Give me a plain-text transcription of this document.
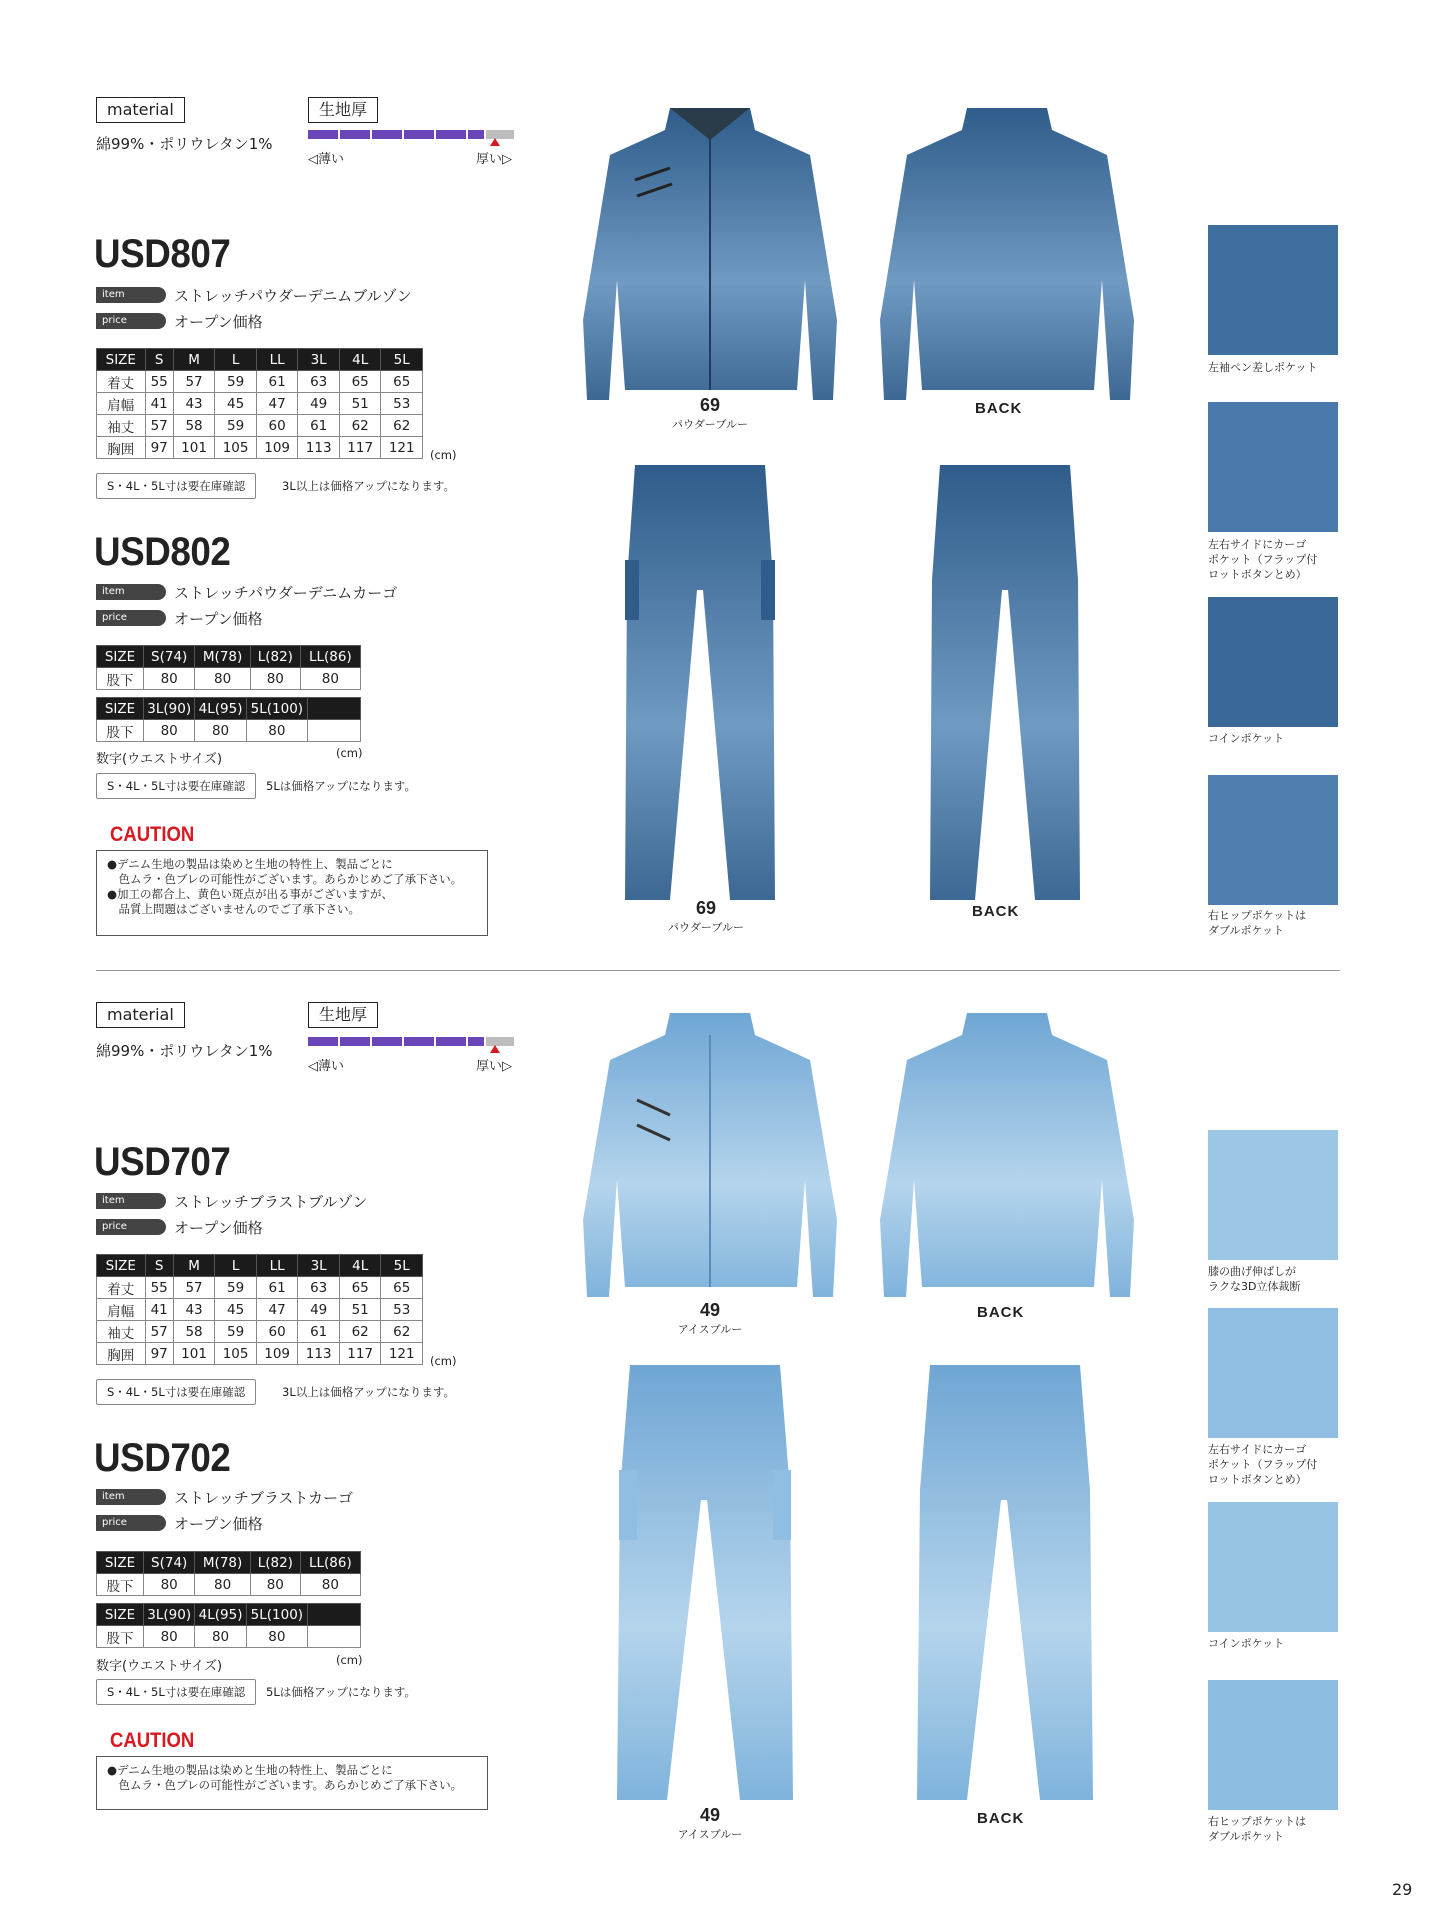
material
綿99%・ポリウレタン1%
生地厚
◁薄い	厚い▷
USD807
item	ストレッチパウダーデニムブルゾン
price	オープン価格
SIZE	S	M	L	LL	3L	4L	5L
着丈	55	57	59	61	63	65	65
肩幅	41	43	45	47	49	51	53
袖丈	57	58	59	60	61	62	62
胸囲	97	101	105	109	113	117	121 (cm)
S・4L・5L寸は要在庫確認	3L以上は価格アップになります。
USD802
item	ストレッチパウダーデニムカーゴ
price	オープン価格
SIZE	S(74)	M(78)	L(82)	LL(86)
股下	80	80	80	80
SIZE	3L(90)	4L(95)	5L(100)	
股下	80	80	80	
数字(ウエストサイズ)	(cm)
S・4L・5L寸は要在庫確認	5Lは価格アップになります。
CAUTION
●デニム生地の製品は染めと生地の特性上、製品ごとに
　色ムラ・色ブレの可能性がございます。あらかじめご了承下さい。
●加工の都合上、黄色い斑点が出る事がございますが、
　品質上問題はございませんのでご了承下さい。
69
パウダーブルー
BACK
69
パウダーブルー
BACK
左袖ペン差しポケット
左右サイドにカーゴ
ポケット（フラップ付
ロットボタンとめ）
コインポケット
右ヒップポケットは
ダブルポケット
material
綿99%・ポリウレタン1%
生地厚
◁薄い	厚い▷
USD707
item	ストレッチブラストブルゾン
price	オープン価格
SIZE	S	M	L	LL	3L	4L	5L
着丈	55	57	59	61	63	65	65
肩幅	41	43	45	47	49	51	53
袖丈	57	58	59	60	61	62	62
胸囲	97	101	105	109	113	117	121 (cm)
S・4L・5L寸は要在庫確認	3L以上は価格アップになります。
USD702
item	ストレッチブラストカーゴ
price	オープン価格
SIZE	S(74)	M(78)	L(82)	LL(86)
股下	80	80	80	80
SIZE	3L(90)	4L(95)	5L(100)	
股下	80	80	80	
数字(ウエストサイズ)	(cm)
S・4L・5L寸は要在庫確認	5Lは価格アップになります。
CAUTION
●デニム生地の製品は染めと生地の特性上、製品ごとに
　色ムラ・色ブレの可能性がございます。あらかじめご了承下さい。
49
アイスブルー
BACK
49
アイスブルー
BACK
膝の曲げ伸ばしが
ラクな3D立体裁断
左右サイドにカーゴ
ポケット（フラップ付
ロットボタンとめ）
コインポケット
右ヒップポケットは
ダブルポケット
29
